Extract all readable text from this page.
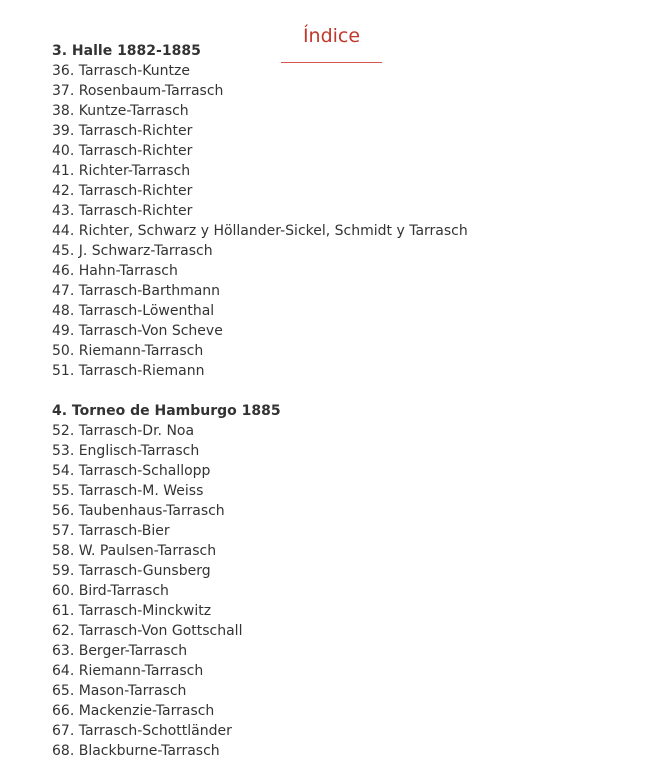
Índice
3. Halle 1882-1885
36. Tarrasch-Kuntze
37. Rosenbaum-Tarrasch
38. Kuntze-Tarrasch
39. Tarrasch-Richter
40. Tarrasch-Richter
41. Richter-Tarrasch
42. Tarrasch-Richter
43. Tarrasch-Richter
44. Richter, Schwarz y Höllander-Sickel, Schmidt y Tarrasch
45. J. Schwarz-Tarrasch
46. Hahn-Tarrasch
47. Tarrasch-Barthmann
48. Tarrasch-Löwenthal
49. Tarrasch-Von Scheve
50. Riemann-Tarrasch
51. Tarrasch-Riemann
4. Torneo de Hamburgo 1885
52. Tarrasch-Dr. Noa
53. Englisch-Tarrasch
54. Tarrasch-Schallopp
55. Tarrasch-M. Weiss
56. Taubenhaus-Tarrasch
57. Tarrasch-Bier
58. W. Paulsen-Tarrasch
59. Tarrasch-Gunsberg
60. Bird-Tarrasch
61. Tarrasch-Minckwitz
62. Tarrasch-Von Gottschall
63. Berger-Tarrasch
64. Riemann-Tarrasch
65. Mason-Tarrasch
66. Mackenzie-Tarrasch
67. Tarrasch-Schottländer
68. Blackburne-Tarrasch
